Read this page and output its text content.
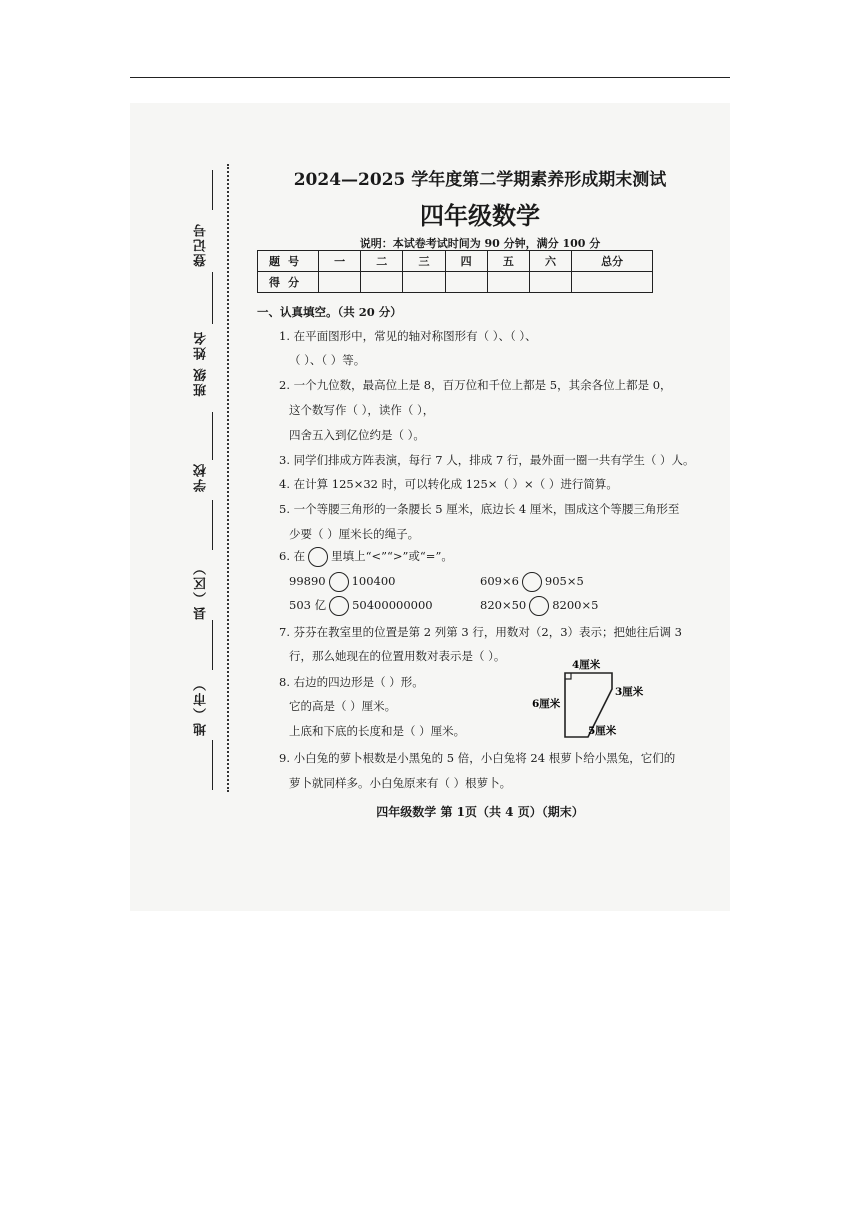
登记号
班级 姓名
学校
县（区）
地（市）
2024—2025 学年度第二学期素养形成期末测试
四年级数学
说明：本试卷考试时间为 90 分钟，满分 100 分
题号	一	二	三	四	五	六	总分
得分							
一、认真填空。（共 20 分）
1. 在平面图形中，常见的轴对称图形有（ ）、（ ）、
（ ）、（ ）等。
2. 一个九位数，最高位上是 8，百万位和千位上都是 5，其余各位上都是 0，
这个数写作（ ），读作（ ），
四舍五入到亿位约是（ ）。
3. 同学们排成方阵表演，每行 7 人，排成 7 行，最外面一圈一共有学生（ ）人。
4. 在计算 125×32 时，可以转化成 125×（ ）×（ ）进行简算。
5. 一个等腰三角形的一条腰长 5 厘米，底边长 4 厘米，围成这个等腰三角形至
少要（ ）厘米长的绳子。
6. 在 里填上“<”“>”或“=”。
99890 100400	609×6 905×5
503 亿 50400000000	820×50 8200×5
7. 芬芬在教室里的位置是第 2 列第 3 行，用数对（2，3）表示；把她往后调 3
行，那么她现在的位置用数对表示是（ ）。
8. 右边的四边形是（ ）形。
它的高是（ ）厘米。
上底和下底的长度和是（ ）厘米。
9. 小白兔的萝卜根数是小黑兔的 5 倍，小白兔将 24 根萝卜给小黑兔，它们的
萝卜就同样多。小白兔原来有（ ）根萝卜。
4厘米
3厘米
6厘米
5厘米
四年级数学 第 1页（共 4 页）（期末）
